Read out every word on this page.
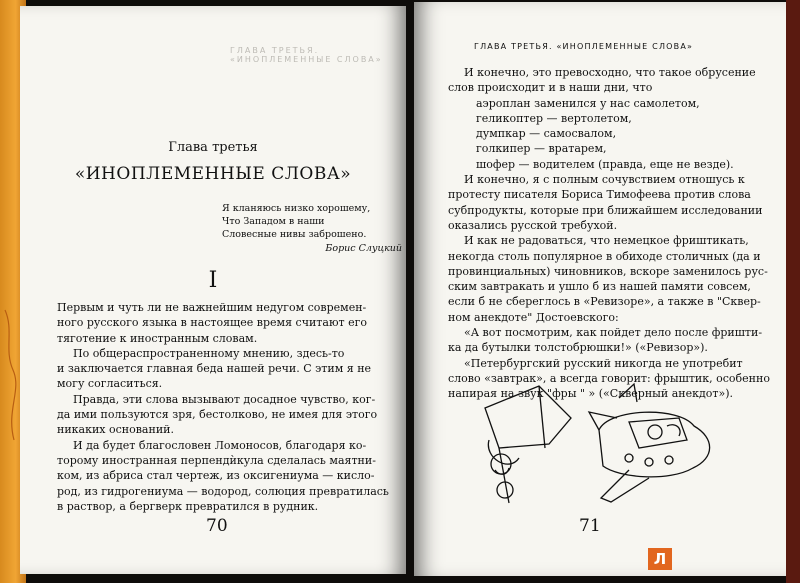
ГЛАВА ТРЕТЬЯ. «ИНОПЛЕМЕННЫЕ СЛОВА»
Глава третья
«ИНОПЛЕМЕННЫЕ СЛОВА»
Я кланяюсь низко хорошему,
Что Западом в наши
Словесные нивы заброшено.
Борис Слуцкий
I
Первым и чуть ли не важнейшим недугом современ-
ного русского языка в настоящее время считают его
тяготение к иностранным словам.
По общераспространенному мнению, здесь-то
и заключается главная беда нашей речи. С этим я не
могу согласиться.
Правда, эти слова вызывают досадное чувство, ког-
да ими пользуются зря, бестолково, не имея для этого
никаких оснований.
И да будет благословен Ломоносов, благодаря ко-
торому иностранная перпендѝкула сделалась маятни-
ком, из абриса стал чертеж, из оксигениума — кисло-
род, из гидрогениума — водород, солюция превратилась
в раствор, а бергверк превратился в рудник.
70
ГЛАВА ТРЕТЬЯ. «ИНОПЛЕМЕННЫЕ СЛОВА»
И конечно, это превосходно, что такое обрусение
слов происходит и в наши дни, что
аэроплан заменился у нас самолетом,
геликоптер — вертолетом,
думпкар — самосвалом,
голкипер — вратарем,
шофер — водителем (правда, еще не везде).
И конечно, я с полным сочувствием отношусь к
протесту писателя Бориса Тимофеева против слова
субпродукты, которые при ближайшем исследовании
оказались русской требухой.
И как не радоваться, что немецкое фриштикать,
некогда столь популярное в обиходе столичных (да и
провинциальных) чиновников, вскоре заменилось рус-
ским завтракать и ушло б из нашей памяти совсем,
если б не сбереглось в «Ревизоре», а также в "Сквер-
ном анекдоте" Достоевского:
«А вот посмотрим, как пойдет дело после фришти-
ка да бутылки толстобрюшки!» («Ревизор»).
«Петербургский русский никогда не употребит
слово «завтрак», а всегда говорит: фрыштик, особенно
напирая на звук "фры " » («Скверный анекдот»).
71
Л
